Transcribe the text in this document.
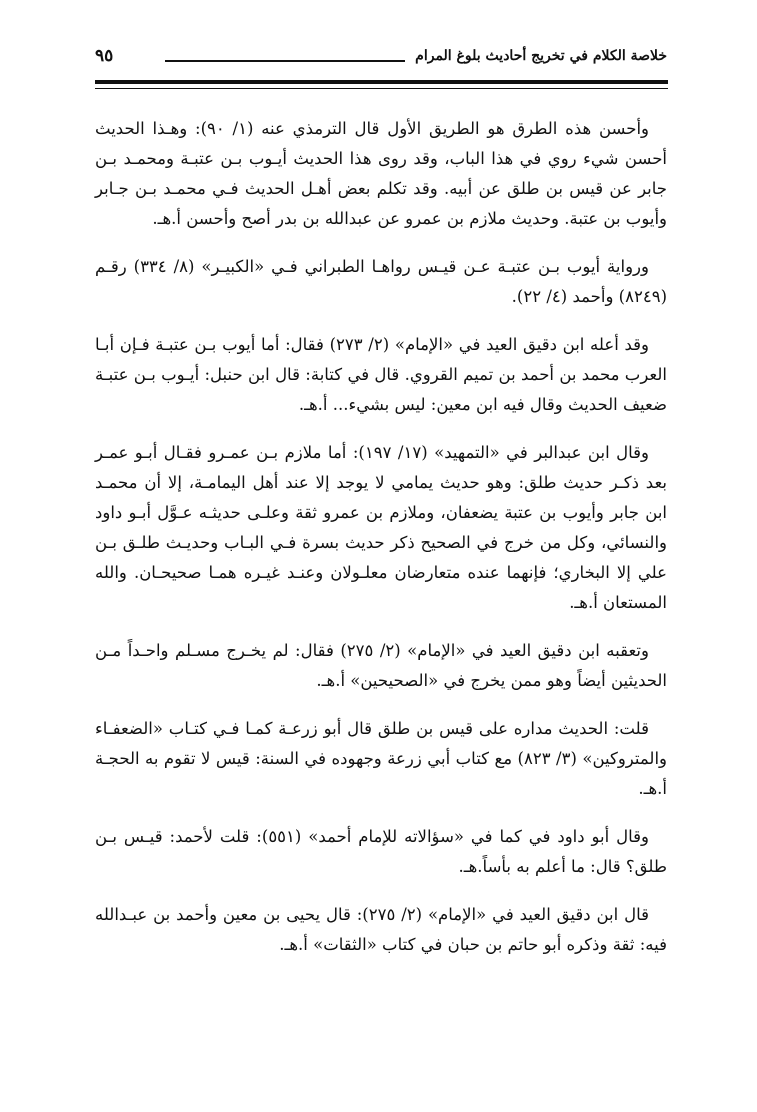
خلاصة الكلام في تخريج أحاديث بلوغ المرام
٩٥

وأحسن هذه الطرق هو الطريق الأول قال الترمذي عنه (١/ ٩٠): وهـذا الحديث أحسن شيء روي في هذا الباب، وقد روى هذا الحديث أيـوب بـن عتبـة ومحمـد بـن جابر عن قيس بن طلق عن أبيه. وقد تكلم بعض أهـل الحديث فـي محمـد بـن جـابر وأيوب بن عتبة. وحديث ملازم بن عمرو عن عبدالله بن بدر أصح وأحسن أ.هـ.

ورواية أيوب بـن عتبـة عـن قيـس رواهـا الطبراني فـي «الكبيـر» (٨/ ٣٣٤) رقـم (٨٢٤٩) وأحمد (٤/ ٢٢).

وقد أعله ابن دقيق العيد في «الإمام» (٢/ ٢٧٣) فقال: أما أيوب بـن عتبـة فـإن أبـا العرب محمد بن أحمد بن تميم القروي. قال في كتابة: قال ابن حنبل: أيـوب بـن عتبـة ضعيف الحديث وقال فيه ابن معين: ليس بشيء... أ.هـ.

وقال ابن عبدالبر في «التمهيد» (١٧/ ١٩٧): أما ملازم بـن عمـرو فقـال أبـو عمـر بعد ذكـر حديث طلق: وهو حديث يمامي لا يوجد إلا عند أهل اليمامـة، إلا أن محمـد ابن جابر وأيوب بن عتبة يضعفان، وملازم بن عمرو ثقة وعلـى حديثـه عـوَّل أبـو داود والنسائي، وكل من خرج في الصحيح ذكر حديث بسرة فـي البـاب وحديـث طلـق بـن علي إلا البخاري؛ فإنهما عنده متعارضان معلـولان وعنـد غيـره همـا صحيحـان. والله المستعان أ.هـ.

وتعقبه ابن دقيق العيد في «الإمام» (٢/ ٢٧٥) فقال: لم يخـرج مسـلم واحـداً مـن الحديثين أيضاً وهو ممن يخرج في «الصحيحين» أ.هـ.

قلت: الحديث مداره على قيس بن طلق قال أبو زرعـة كمـا فـي كتـاب «الضعفـاء والمتروكين» (٣/ ٨٢٣) مع كتاب أبي زرعة وجهوده في السنة: قيس لا تقوم به الحجـة أ.هـ.

وقال أبو داود في كما في «سؤالاته للإمام أحمد» (٥٥١): قلت لأحمد: قيـس بـن طلق؟ قال: ما أعلم به بأساً.هـ.

قال ابن دقيق العيد في «الإمام» (٢/ ٢٧٥): قال يحيى بن معين وأحمد بن عبـدالله فيه: ثقة وذكره أبو حاتم بن حبان في كتاب «الثقات» أ.هـ.
